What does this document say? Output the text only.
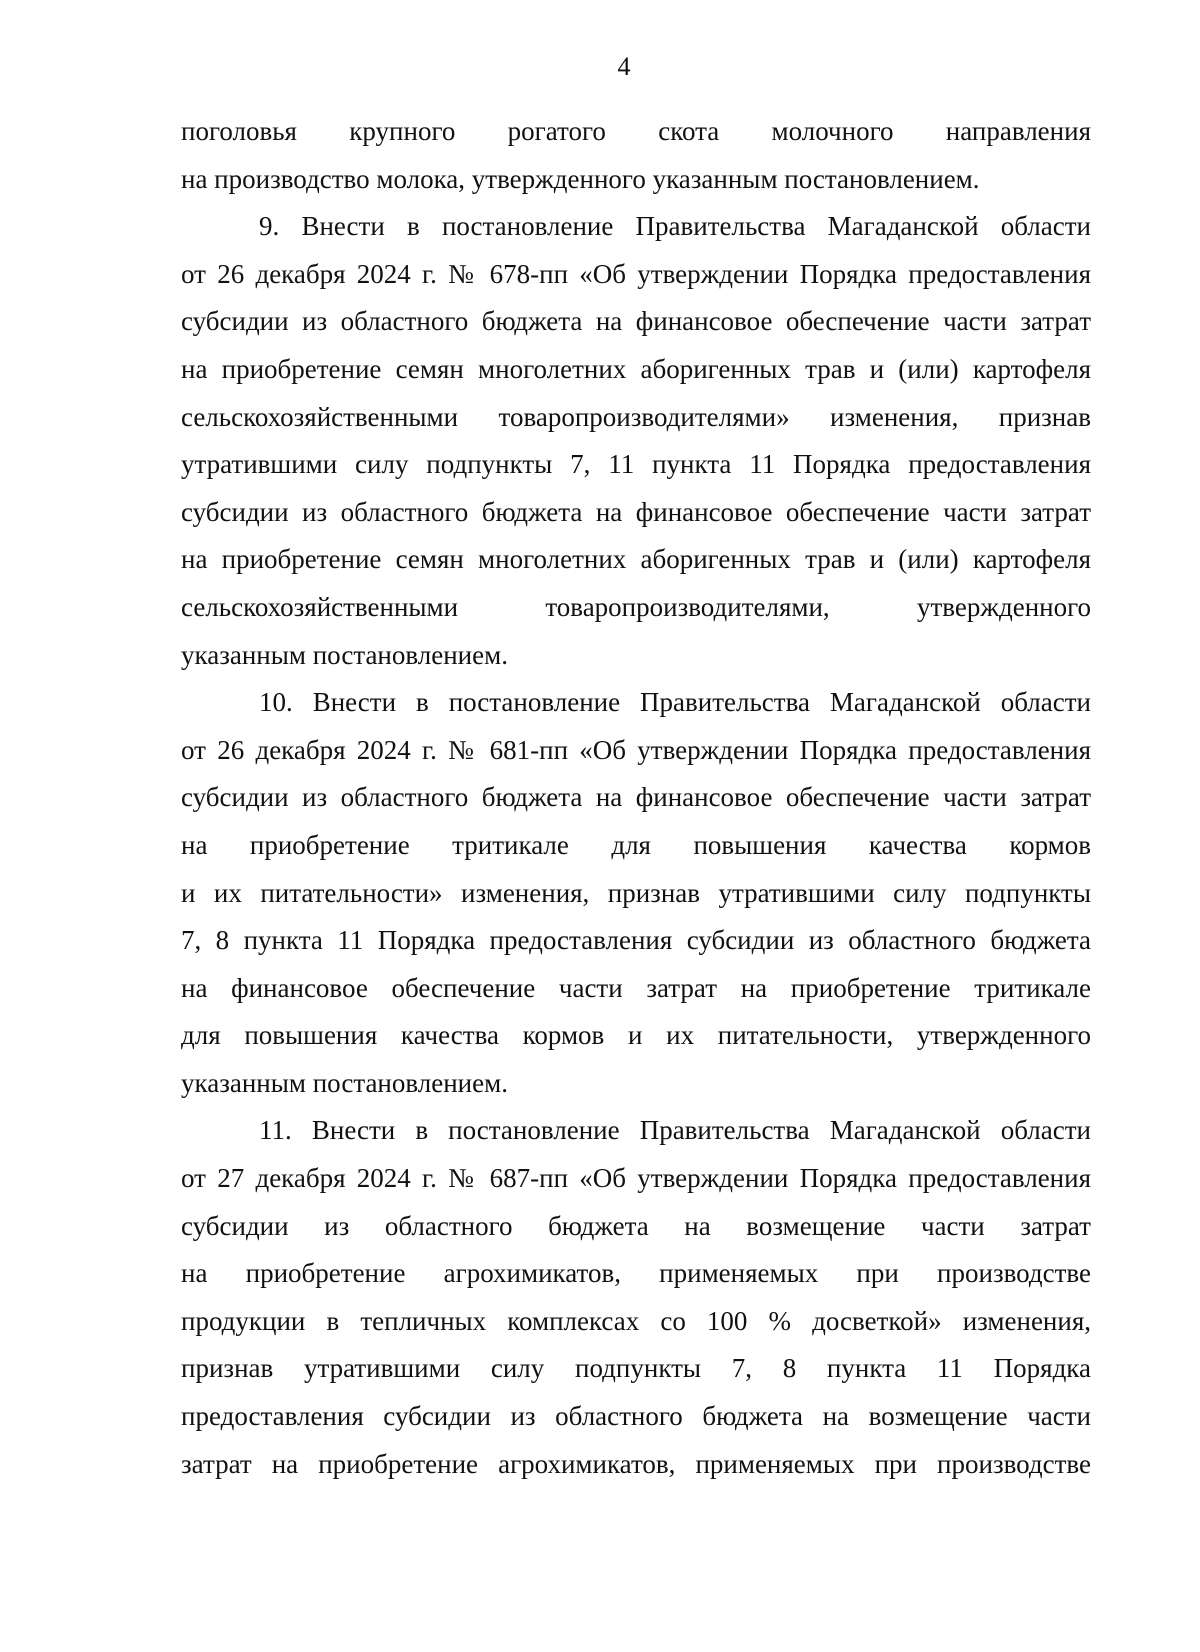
4
поголовья крупного рогатого скота молочного направления
на производство молока, утвержденного указанным постановлением.
9. Внести в постановление Правительства Магаданской области
от 26 декабря 2024 г. № 678-пп «Об утверждении Порядка предоставления
субсидии из областного бюджета на финансовое обеспечение части затрат
на приобретение семян многолетних аборигенных трав и (или) картофеля
сельскохозяйственными товаропроизводителями» изменения, признав
утратившими силу подпункты 7, 11 пункта 11 Порядка предоставления
субсидии из областного бюджета на финансовое обеспечение части затрат
на приобретение семян многолетних аборигенных трав и (или) картофеля
сельскохозяйственными товаропроизводителями, утвержденного
указанным постановлением.
10. Внести в постановление Правительства Магаданской области
от 26 декабря 2024 г. № 681-пп «Об утверждении Порядка предоставления
субсидии из областного бюджета на финансовое обеспечение части затрат
на приобретение тритикале для повышения качества кормов
и их питательности» изменения, признав утратившими силу подпункты
7, 8 пункта 11 Порядка предоставления субсидии из областного бюджета
на финансовое обеспечение части затрат на приобретение тритикале
для повышения качества кормов и их питательности, утвержденного
указанным постановлением.
11. Внести в постановление Правительства Магаданской области
от 27 декабря 2024 г. № 687-пп «Об утверждении Порядка предоставления
субсидии из областного бюджета на возмещение части затрат
на приобретение агрохимикатов, применяемых при производстве
продукции в тепличных комплексах со 100 % досветкой» изменения,
признав утратившими силу подпункты 7, 8 пункта 11 Порядка
предоставления субсидии из областного бюджета на возмещение части
затрат на приобретение агрохимикатов, применяемых при производстве
